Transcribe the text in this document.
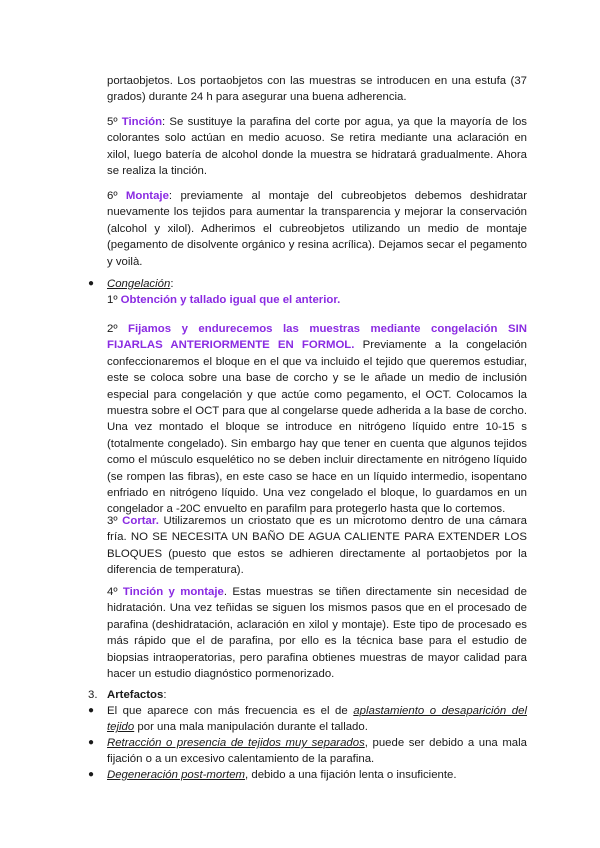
portaobjetos. Los portaobjetos con las muestras se introducen en una estufa (37 grados) durante 24 h para asegurar una buena adherencia.

5º Tinción: Se sustituye la parafina del corte por agua, ya que la mayoría de los colorantes solo actúan en medio acuoso. Se retira mediante una aclaración en xilol, luego batería de alcohol donde la muestra se hidratará gradualmente. Ahora se realiza la tinción.

6º Montaje: previamente al montaje del cubreobjetos debemos deshidratar nuevamente los tejidos para aumentar la transparencia y mejorar la conservación (alcohol y xilol). Adherimos el cubreobjetos utilizando un medio de montaje (pegamento de disolvente orgánico y resina acrílica). Dejamos secar el pegamento y voilà.

● Congelación:

1º Obtención y tallado igual que el anterior.

2º Fijamos y endurecemos las muestras mediante congelación SIN FIJARLAS ANTERIORMENTE EN FORMOL. Previamente a la congelación confeccionaremos el bloque en el que va incluido el tejido que queremos estudiar, este se coloca sobre una base de corcho y se le añade un medio de inclusión especial para congelación y que actúe como pegamento, el OCT. Colocamos la muestra sobre el OCT para que al congelarse quede adherida a la base de corcho. Una vez montado el bloque se introduce en nitrógeno líquido entre 10-15 s (totalmente congelado). Sin embargo hay que tener en cuenta que algunos tejidos como el músculo esquelético no se deben incluir directamente en nitrógeno líquido (se rompen las fibras), en este caso se hace en un líquido intermedio, isopentano enfriado en nitrógeno líquido. Una vez congelado el bloque, lo guardamos en un congelador a -20C envuelto en parafilm para protegerlo hasta que lo cortemos.

3º Cortar. Utilizaremos un criostato que es un microtomo dentro de una cámara fría. NO SE NECESITA UN BAÑO DE AGUA CALIENTE PARA EXTENDER LOS BLOQUES (puesto que estos se adhieren directamente al portaobjetos por la diferencia de temperatura).

4º Tinción y montaje. Estas muestras se tiñen directamente sin necesidad de hidratación. Una vez teñidas se siguen los mismos pasos que en el procesado de parafina (deshidratación, aclaración en xilol y montaje). Este tipo de procesado es más rápido que el de parafina, por ello es la técnica base para el estudio de biopsias intraoperatorias, pero parafina obtienes muestras de mayor calidad para hacer un estudio diagnóstico pormenorizado.

3. Artefactos:

● El que aparece con más frecuencia es el de aplastamiento o desaparición del tejido por una mala manipulación durante el tallado.

● Retracción o presencia de tejidos muy separados, puede ser debido a una mala fijación o a un excesivo calentamiento de la parafina.

● Degeneración post-mortem, debido a una fijación lenta o insuficiente.
